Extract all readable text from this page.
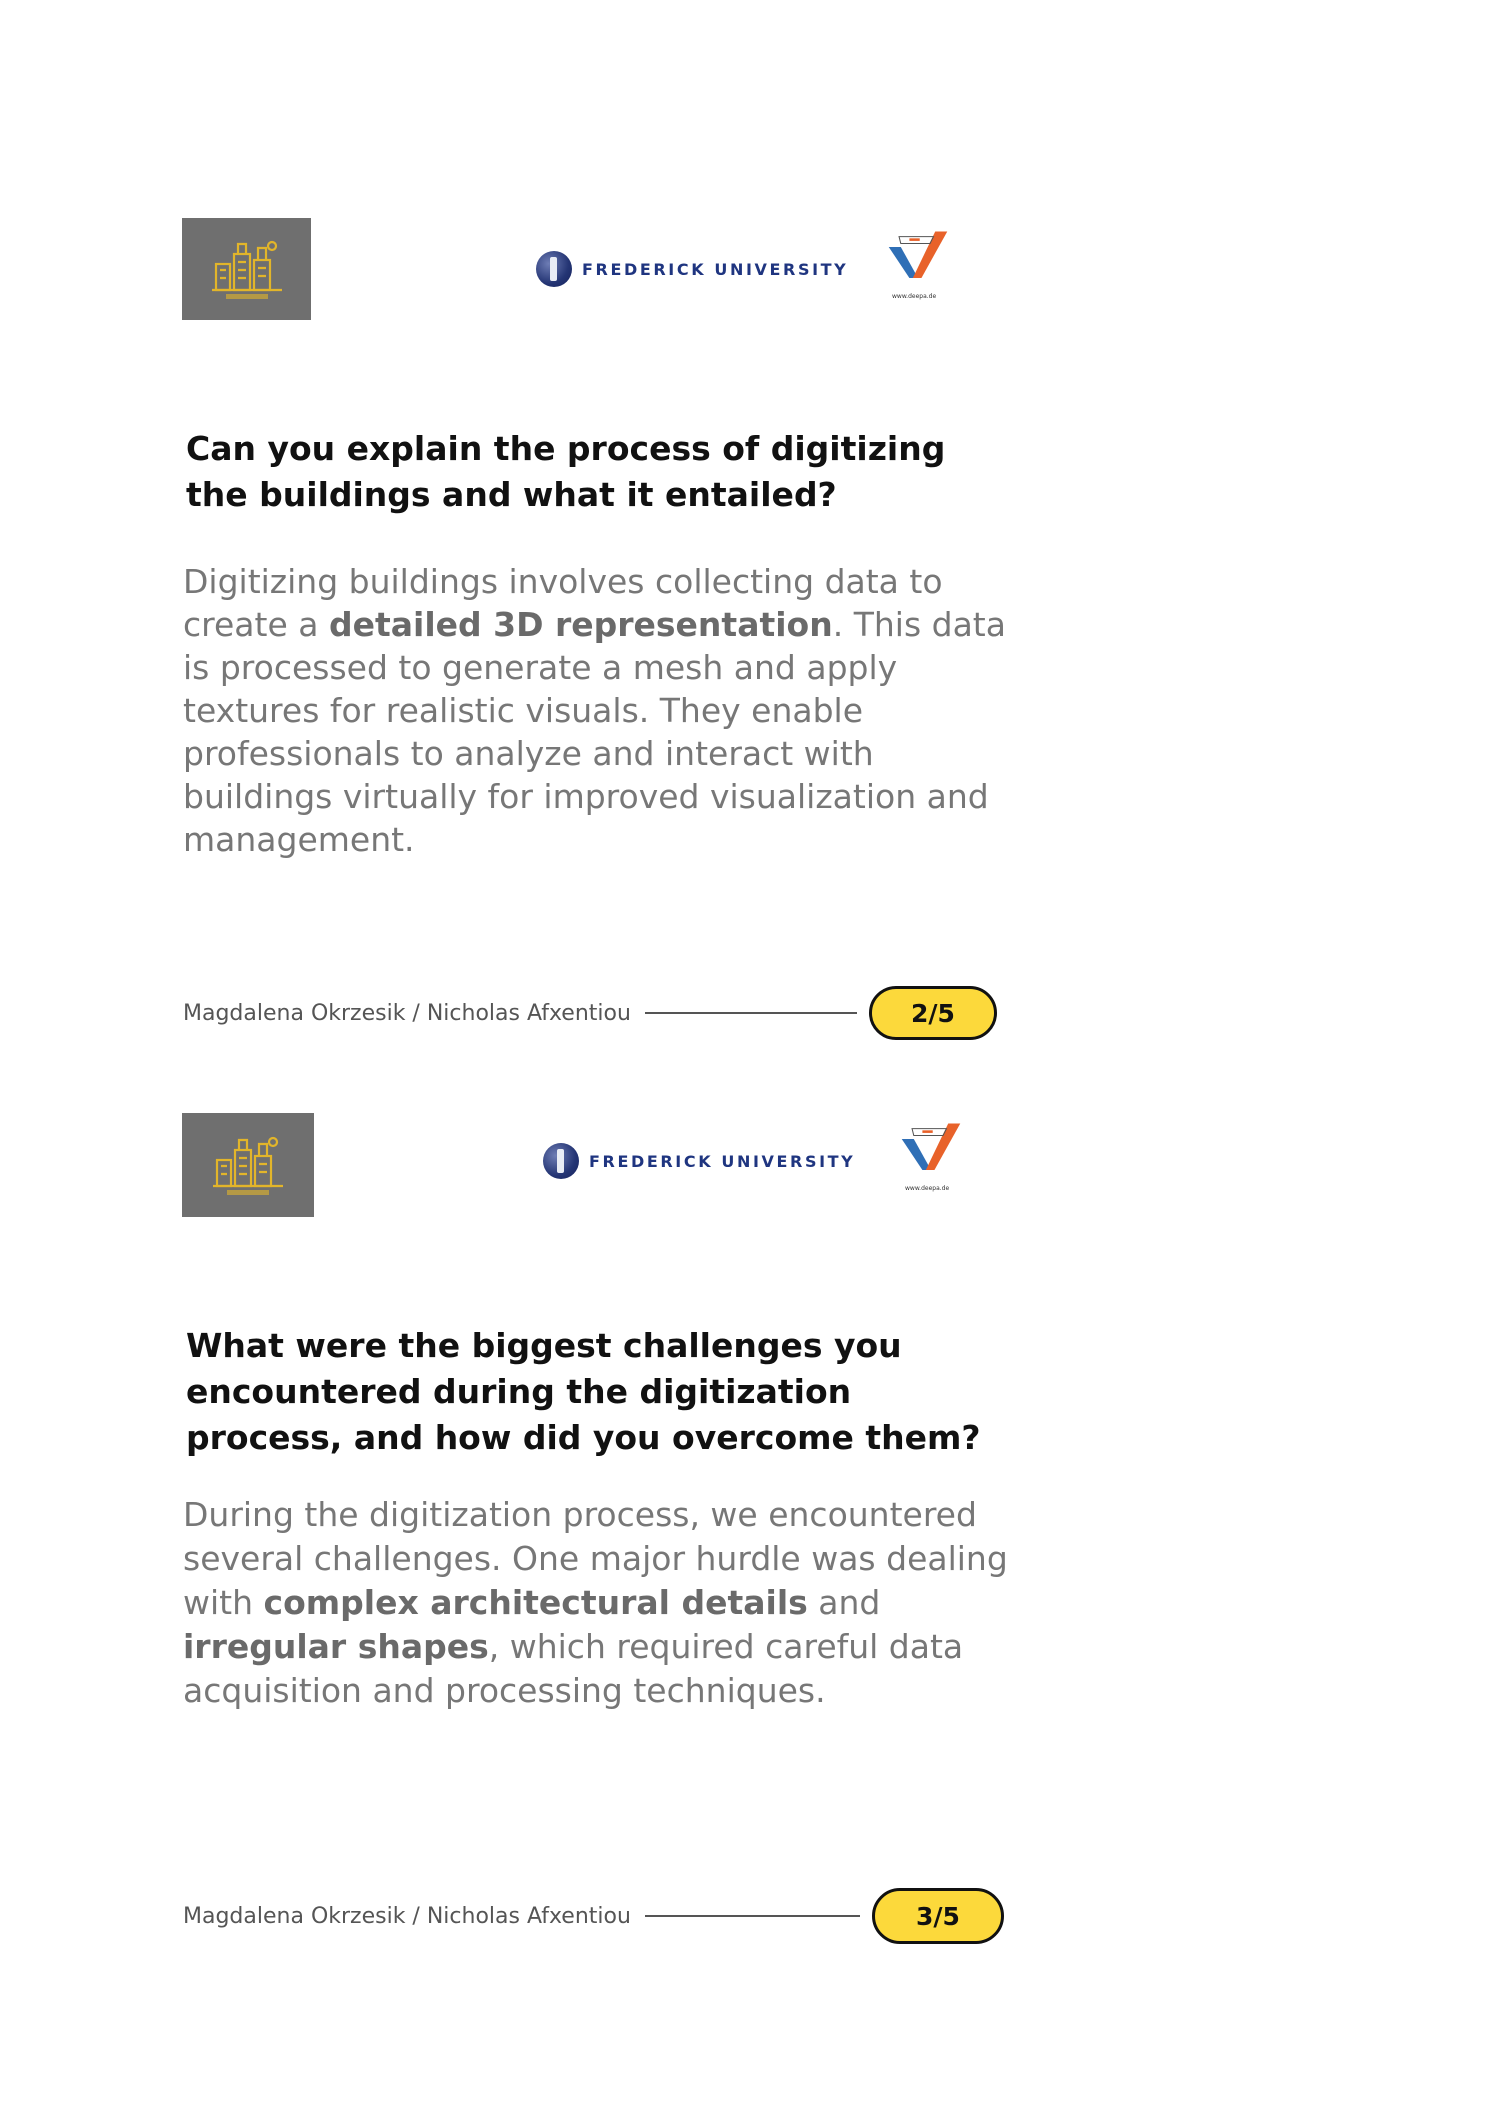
FREDERICK UNIVERSITY
www.deepa.de
Can you explain the process of digitizing the buildings and what it entailed?

Digitizing buildings involves collecting data to create a detailed 3D representation. This data is processed to generate a mesh and apply textures for realistic visuals. They enable professionals to analyze and interact with buildings virtually for improved visualization and management.

Magdalena Okrzesik / Nicholas Afxentiou	2/5
FREDERICK UNIVERSITY
www.deepa.de
What were the biggest challenges you encountered during the digitization process, and how did you overcome them?

During the digitization process, we encountered several challenges. One major hurdle was dealing with complex architectural details and irregular shapes, which required careful data acquisition and processing techniques.

Magdalena Okrzesik / Nicholas Afxentiou	3/5
